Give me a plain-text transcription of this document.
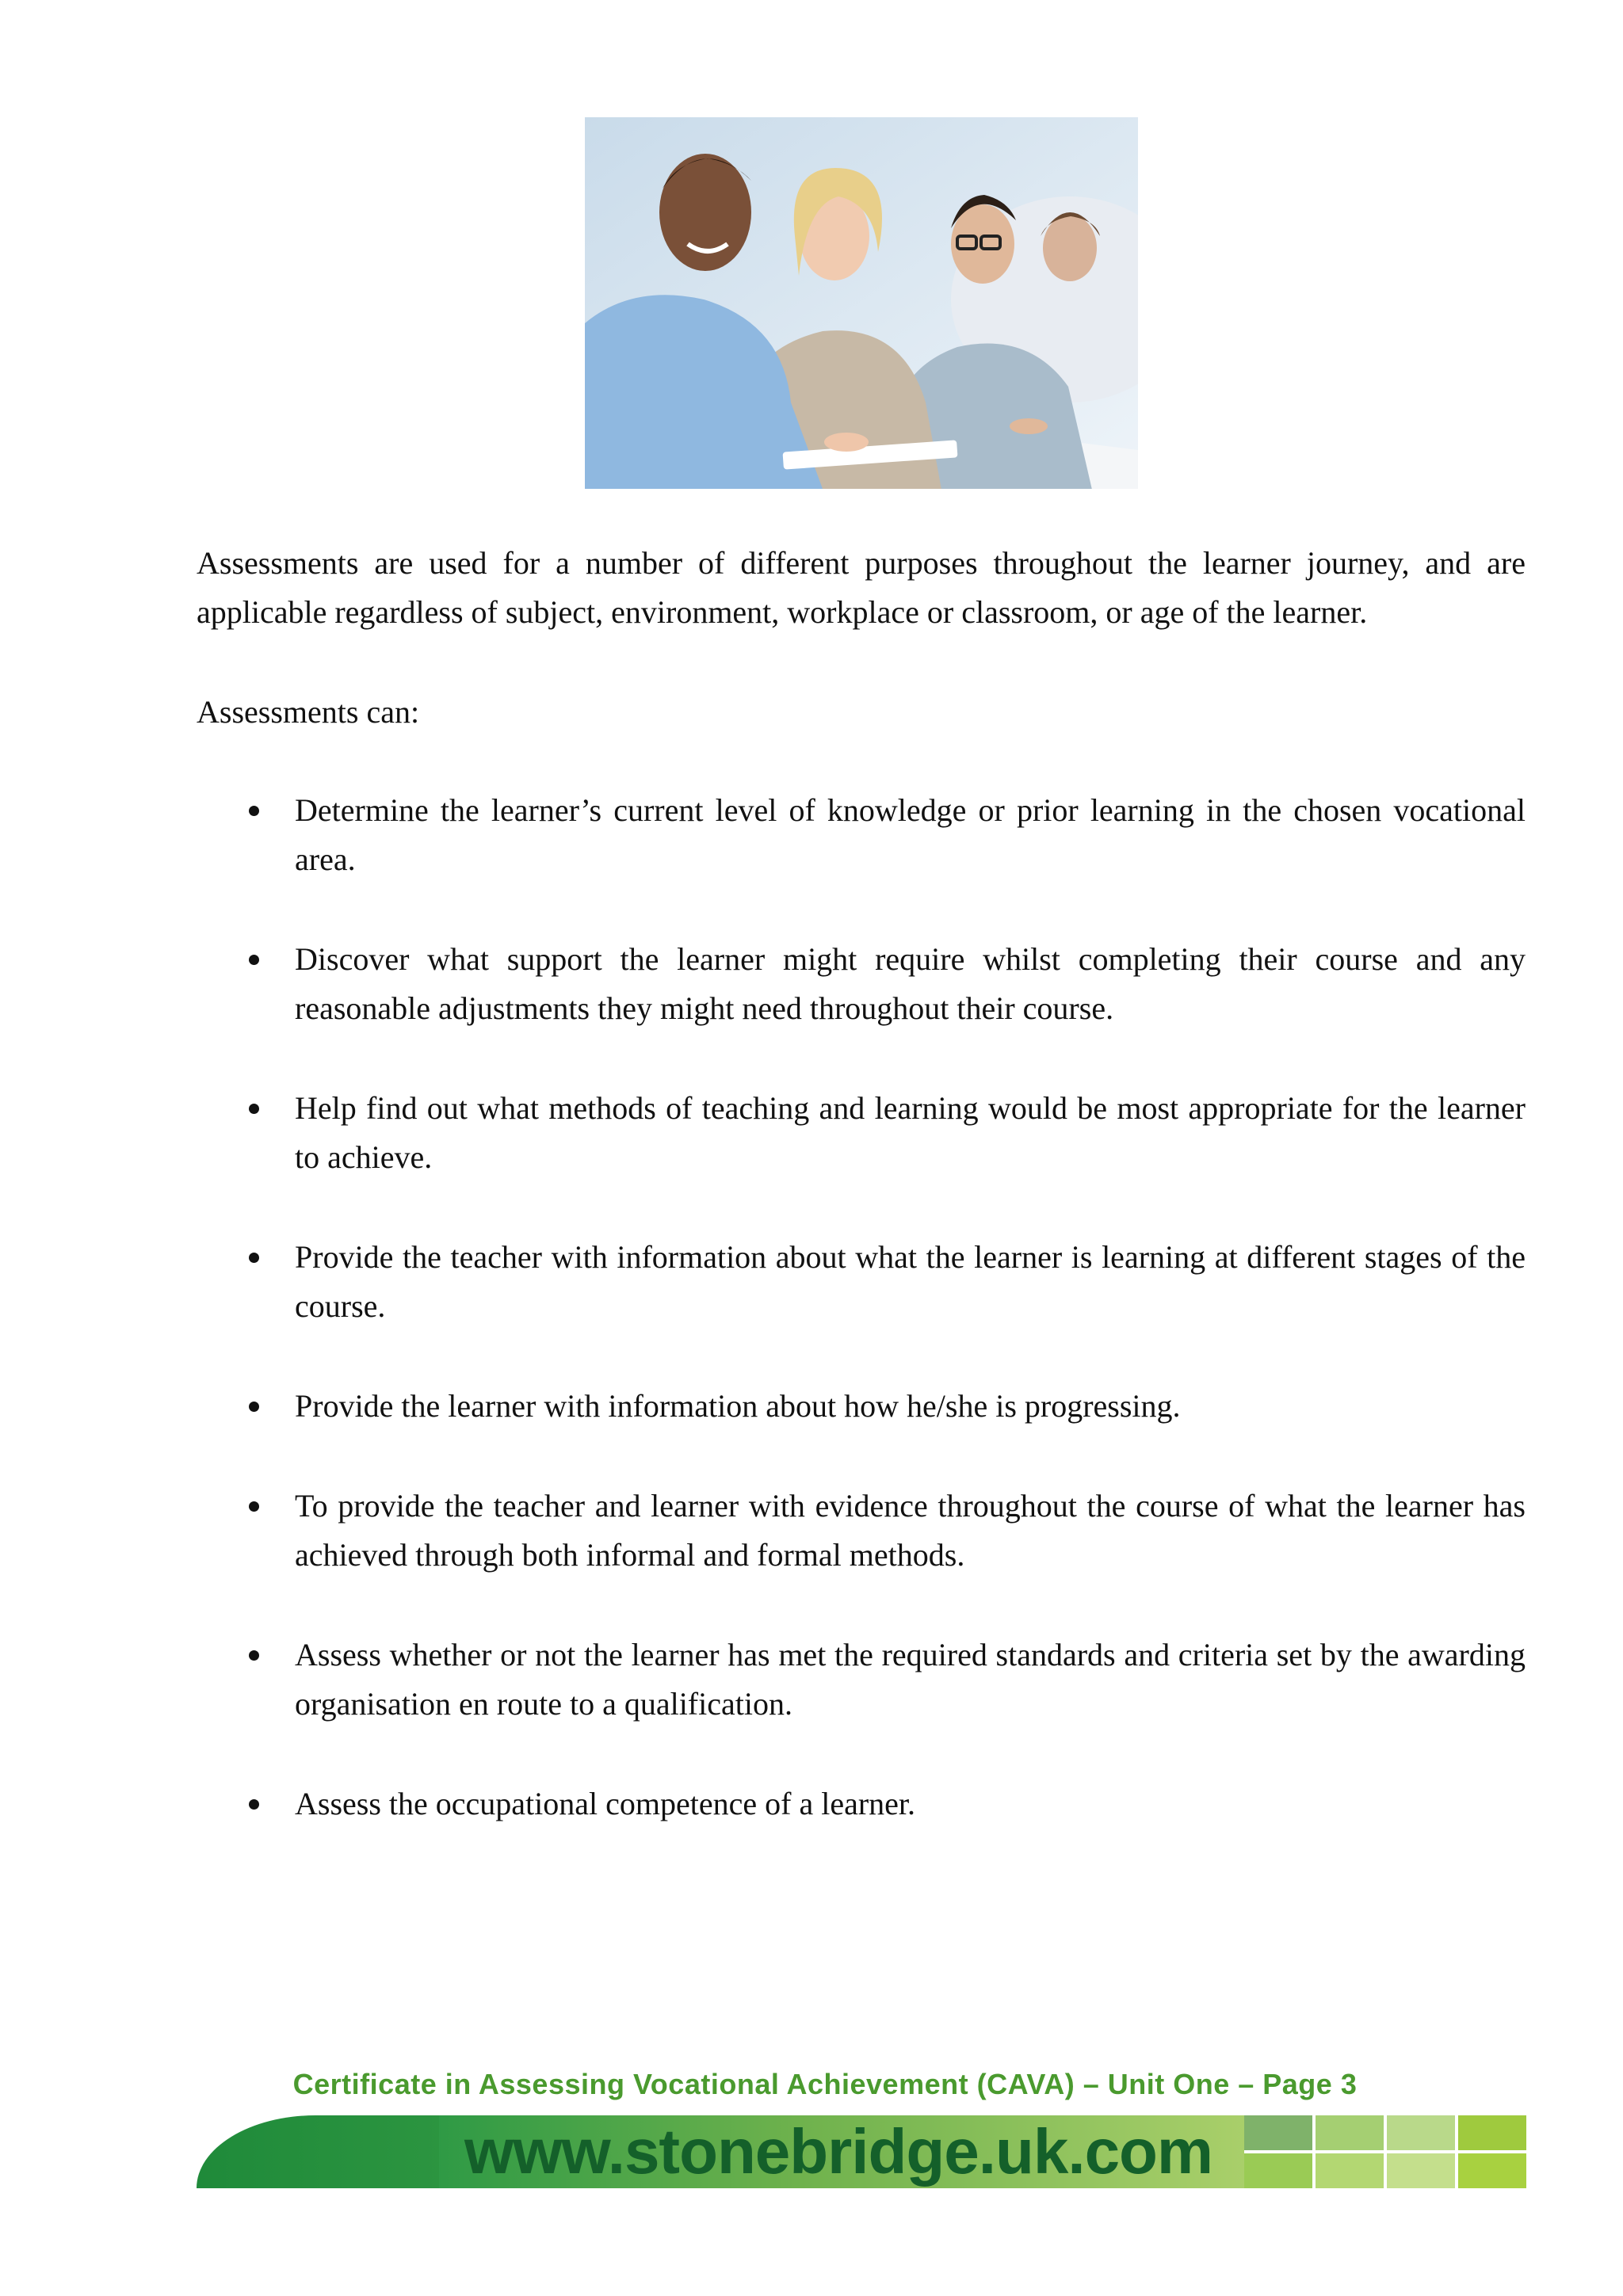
Assessments are used for a number of different purposes throughout the learner journey, and are applicable regardless of subject, environment, workplace or classroom, or age of the learner.

Assessments can:

Determine the learner’s current level of knowledge or prior learning in the chosen vocational area.
Discover what support the learner might require whilst completing their course and any reasonable adjustments they might need throughout their course.
Help find out what methods of teaching and learning would be most appropriate for the learner to achieve.
Provide the teacher with information about what the learner is learning at different stages of the course.
Provide the learner with information about how he/she is progressing.
To provide the teacher and learner with evidence throughout the course of what the learner has achieved through both informal and formal methods.
Assess whether or not the learner has met the required standards and criteria set by the awarding organisation en route to a qualification.
Assess the occupational competence of a learner.
Certificate in Assessing Vocational Achievement (CAVA) – Unit One – Page 3
www.stonebridge.uk.com
